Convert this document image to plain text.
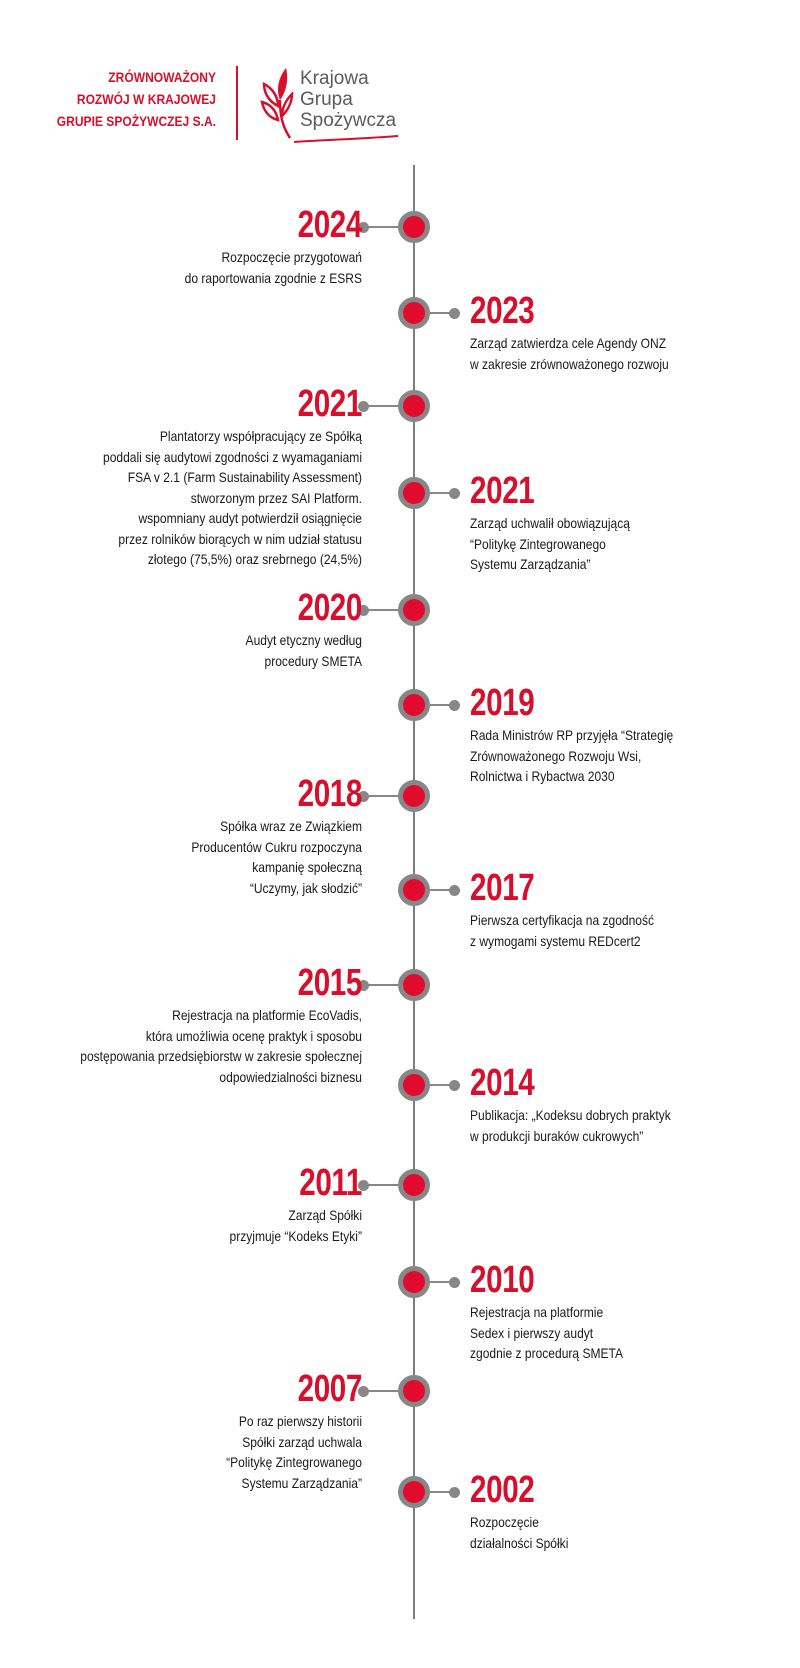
ZRÓWNOWAŻONY
ROZWÓJ W KRAJOWEJ
GRUPIE SPOŻYWCZEJ S.A.
Krajowa
Grupa
Spożywcza
2024
Rozpoczęcie przygotowań
do raportowania zgodnie z ESRS
2023
Zarząd zatwierdza cele Agendy ONZ
w zakresie zrównoważonego rozwoju
2021
Plantatorzy współpracujący ze Spółką
poddali się audytowi zgodności z wyamaganiami
FSA v 2.1 (Farm Sustainability Assessment)
stworzonym przez SAI Platform.
wspomniany audyt potwierdził osiągnięcie
przez rolników biorących w nim udział statusu
złotego (75,5%) oraz srebrnego (24,5%)
2021
Zarząd uchwalił obowiązującą
“Politykę Zintegrowanego
Systemu Zarządzania”
2020
Audyt etyczny według
procedury SMETA
2019
Rada Ministrów RP przyjęła “Strategię
Zrównoważonego Rozwoju Wsi,
Rolnictwa i Rybactwa 2030
2018
Spółka wraz ze Związkiem
Producentów Cukru rozpoczyna
kampanię społeczną
“Uczymy, jak słodzić”	2017
Pierwsza certyfikacja na zgodność
z wymogami systemu REDcert2
2015
Rejestracja na platformie EcoVadis,
która umożliwia ocenę praktyk i sposobu
postępowania przedsiębiorstw w zakresie społecznej
odpowiedzialności biznesu	2014
Publikacja: „Kodeksu dobrych praktyk
w produkcji buraków cukrowych”
2011
Zarząd Spółki
przyjmuje “Kodeks Etyki”
2010
Rejestracja na platformie
Sedex i pierwszy audyt
zgodnie z procedurą SMETA
2007
Po raz pierwszy historii
Spółki zarząd uchwala
“Politykę Zintegrowanego
Systemu Zarządzania”	2002
Rozpoczęcie
działalności Spółki
